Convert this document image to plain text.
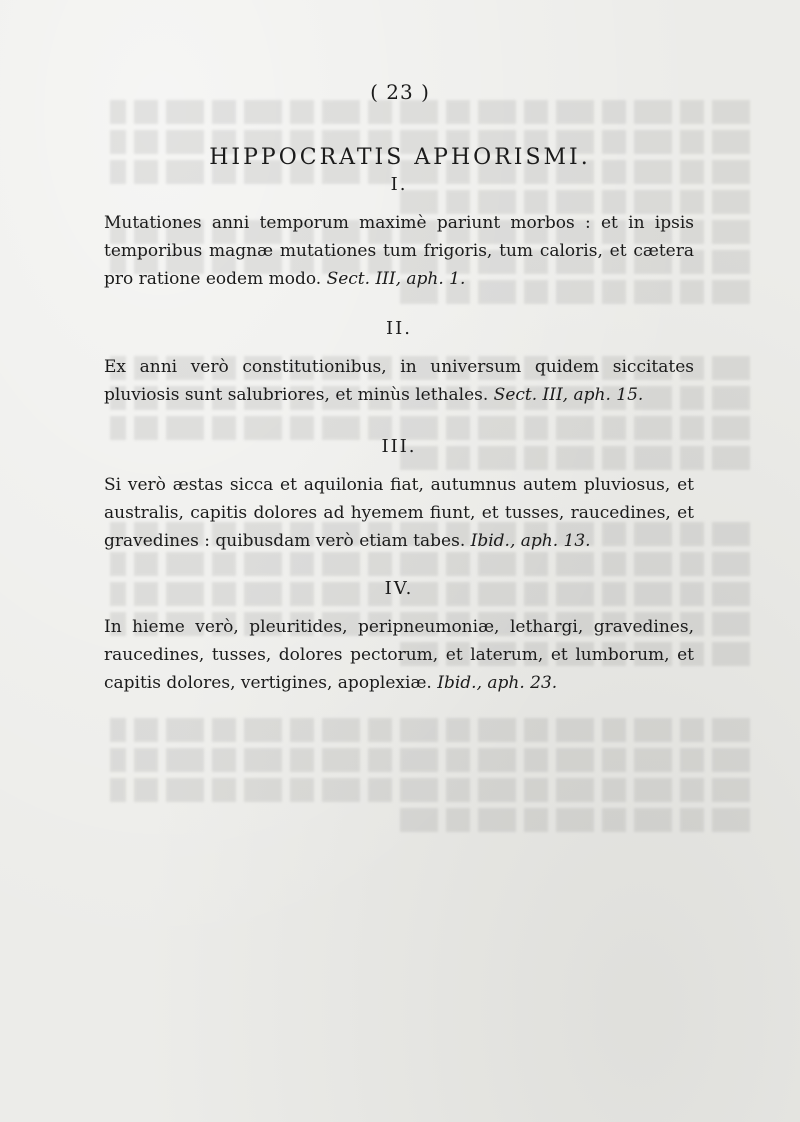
( 23 )
HIPPOCRATIS APHORISMI.
I.

Mutationes anni temporum maximè pariunt morbos : et in ipsis temporibus magnæ mutationes tum frigoris, tum caloris, et cætera pro ratione eodem modo. Sect. III, aph. 1.

II.

Ex anni verò constitutionibus, in universum quidem siccitates pluviosis sunt salubriores, et minùs lethales. Sect. III, aph. 15.

III.

Si verò æstas sicca et aquilonia fiat, autumnus autem pluviosus, et australis, capitis dolores ad hyemem fiunt, et tusses, raucedines, et gravedines : quibusdam verò etiam tabes. Ibid., aph. 13.

IV.

In hieme verò, pleuritides, peripneumoniæ, lethargi, gravedines, raucedines, tusses, dolores pectorum, et laterum, et lumborum, et capitis dolores, vertigines, apoplexiæ. Ibid., aph. 23.
